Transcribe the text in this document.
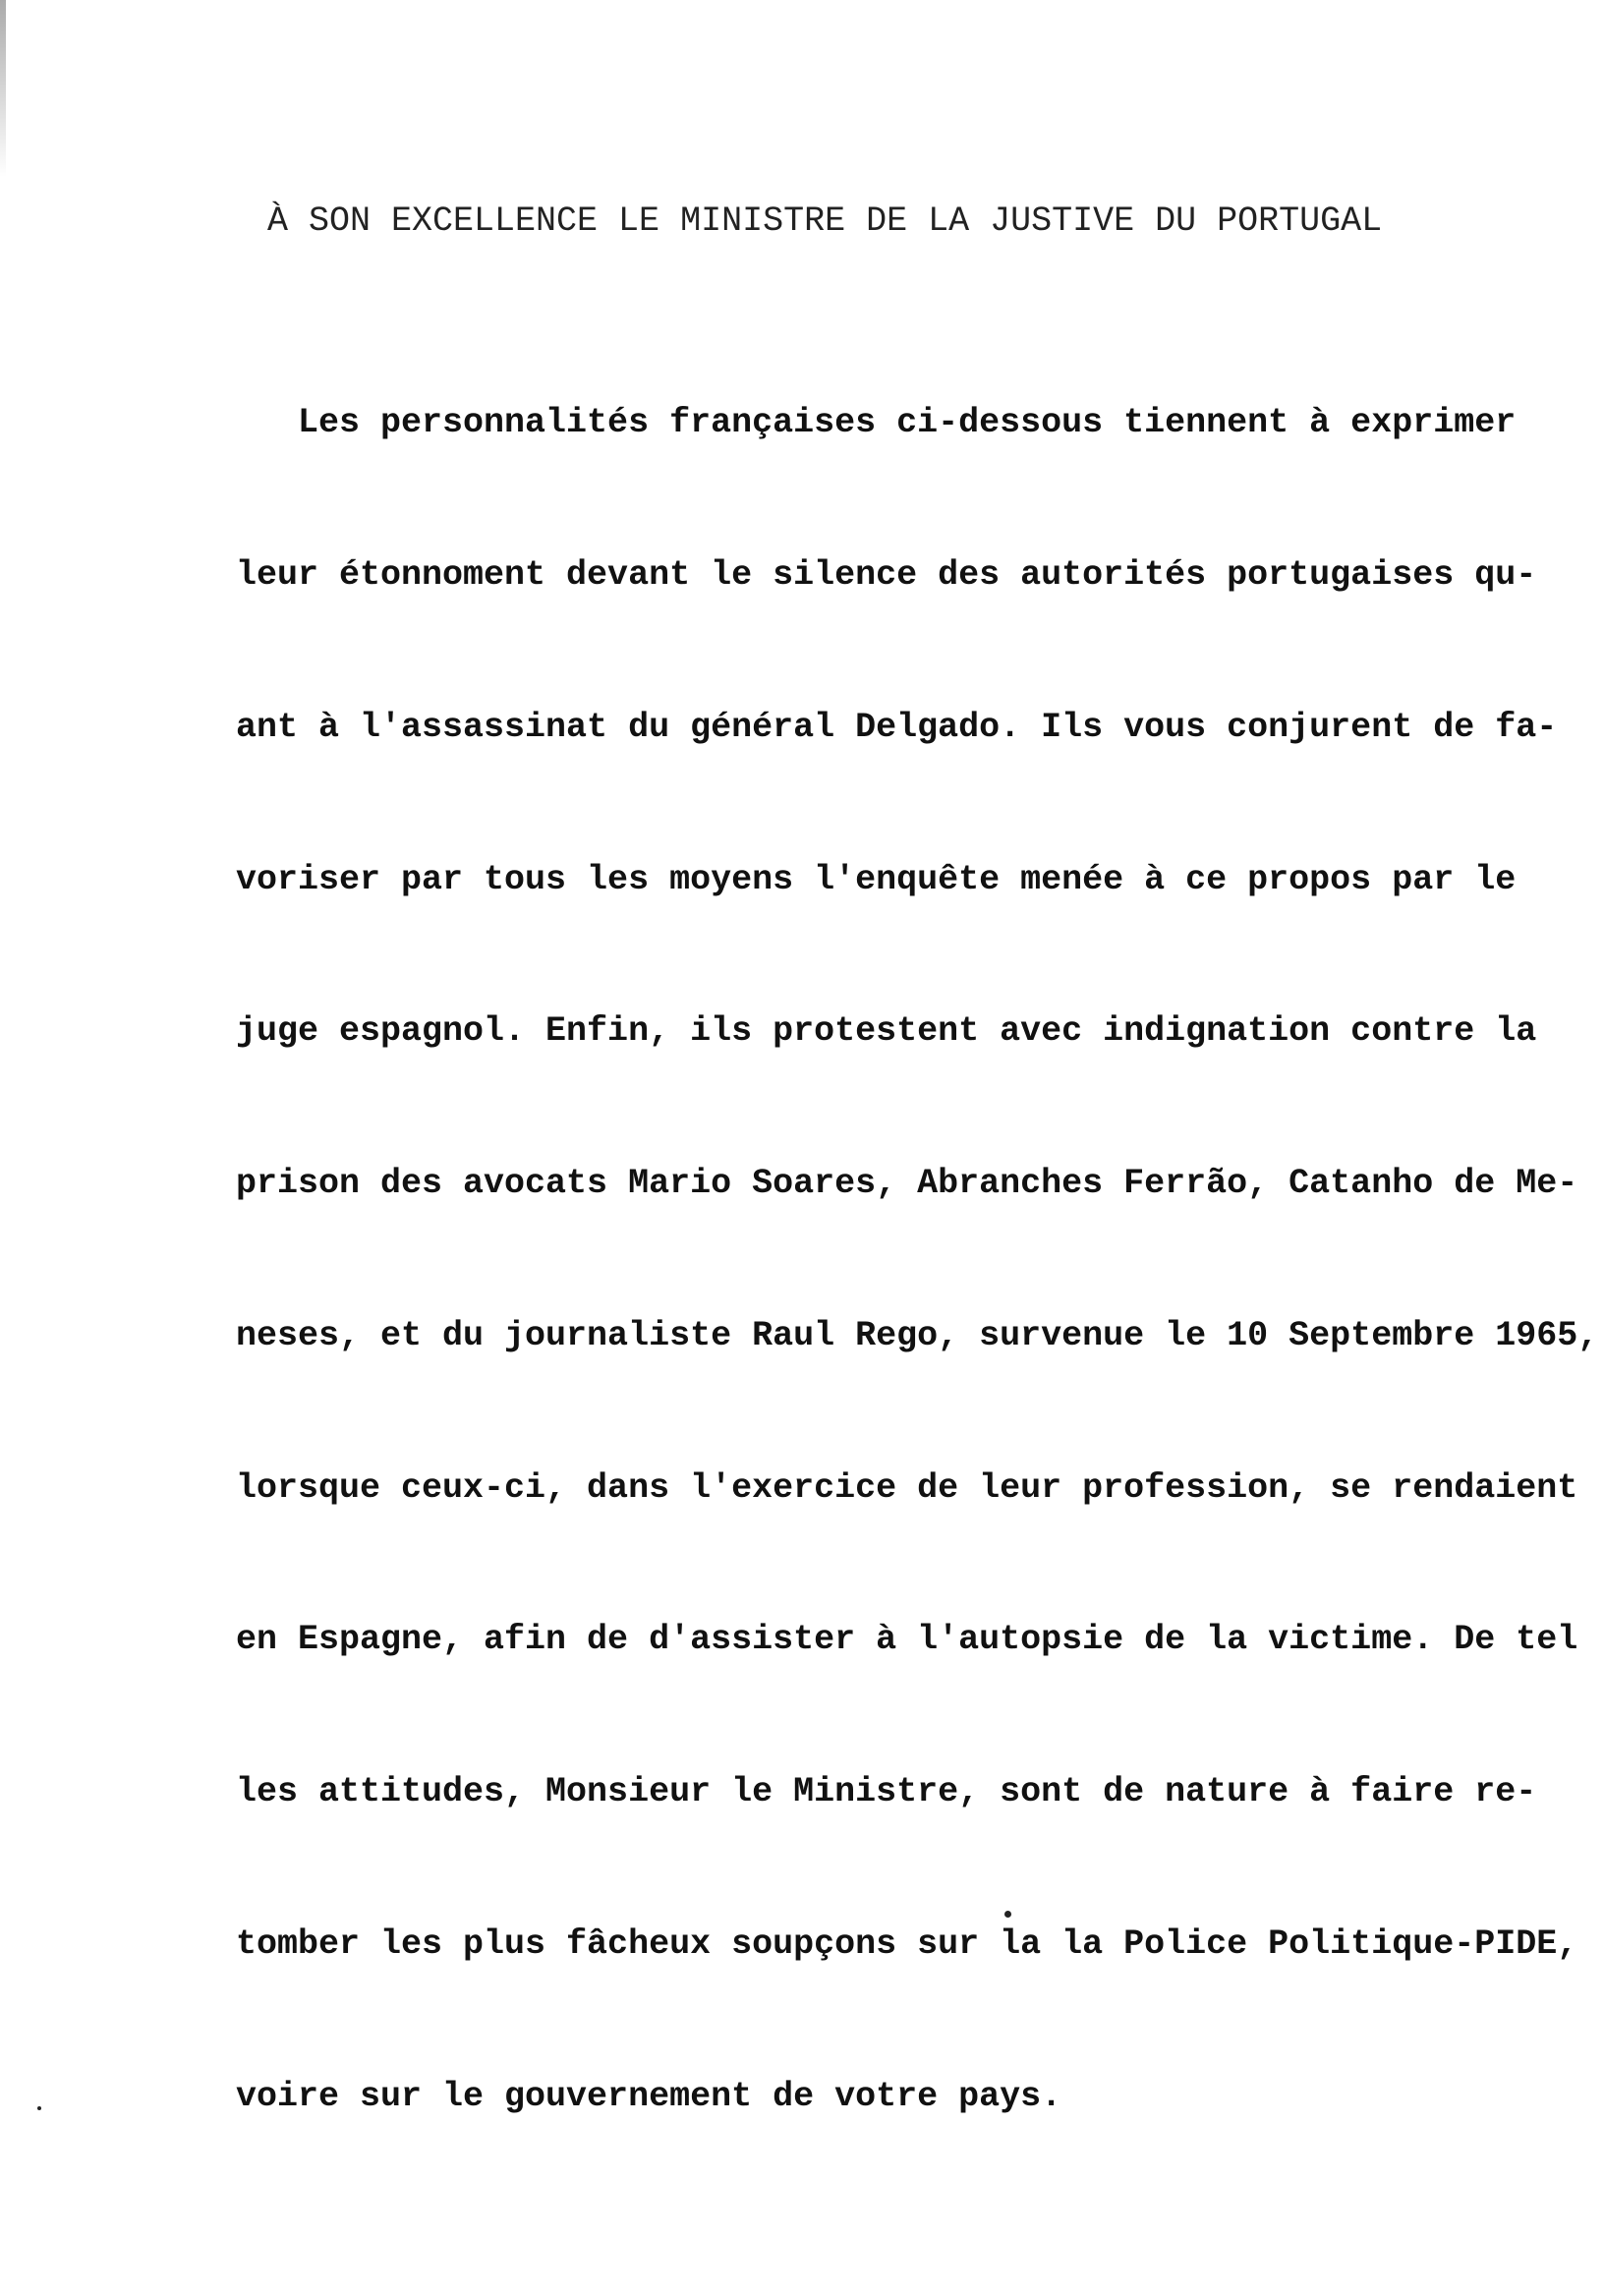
À SON EXCELLENCE LE MINISTRE DE LA JUSTIVE DU PORTUGAL

Les personnalités françaises ci-dessous tiennent à exprimer

leur étonnoment devant le silence des autorités portugaises qu-

ant à l'assassinat du général Delgado. Ils vous conjurent de fa-

voriser par tous les moyens l'enquête menée à ce propos par le

juge espagnol. Enfin, ils protestent avec indignation contre la

prison des avocats Mario Soares, Abranches Ferrão, Catanho de Me-

neses, et du journaliste Raul Rego, survenue le 10 Septembre 1965,

lorsque ceux-ci, dans l'exercice de leur profession, se rendaient

en Espagne, afin de d'assister à l'autopsie de la victime. De tel

les attitudes, Monsieur le Ministre, sont de nature à faire re-

tomber les plus fâcheux soupçons sur la la Police Politique-PIDE,

voire sur le gouvernement de votre pays.
